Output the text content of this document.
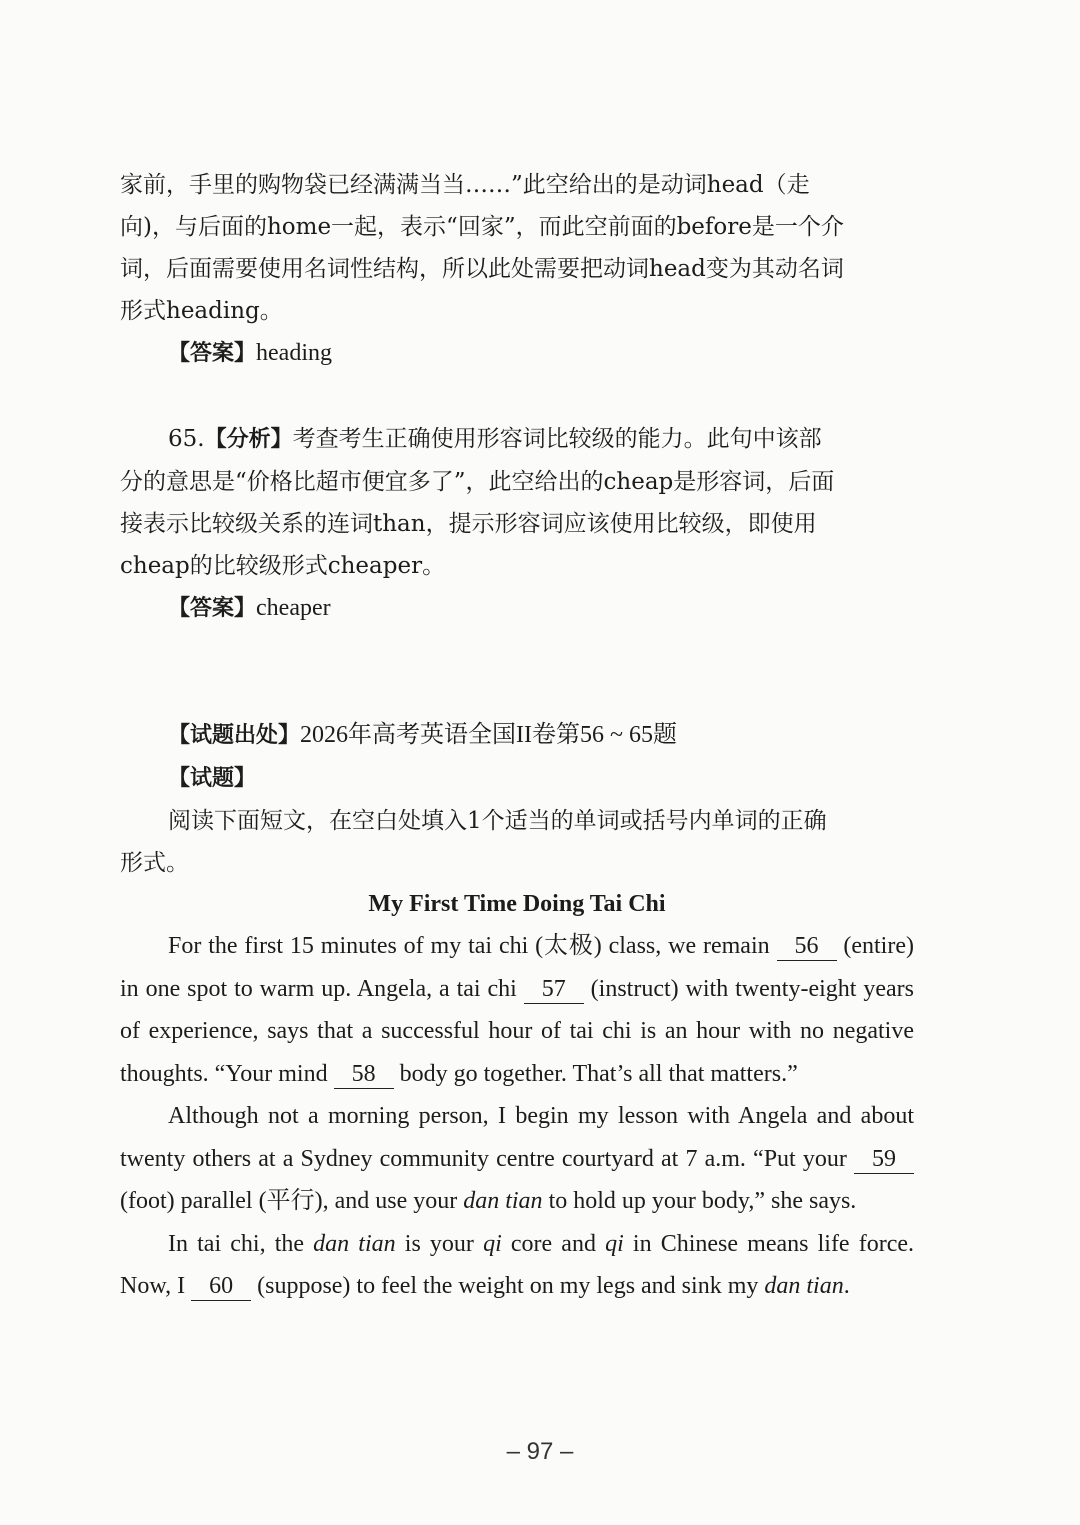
家前，手里的购物袋已经满满当当……”此空给出的是动词head（走

向)，与后面的home一起，表示“回家”，而此空前面的before是一个介

词，后面需要使用名词性结构，所以此处需要把动词head变为其动名词

形式heading。

【答案】heading

65.【分析】考查考生正确使用形容词比较级的能力。此句中该部

分的意思是“价格比超市便宜多了”，此空给出的cheap是形容词，后面

接表示比较级关系的连词than，提示形容词应该使用比较级，即使用

cheap的比较级形式cheaper。

【答案】cheaper

【试题出处】2026年高考英语全国II卷第56 ~ 65题

【试题】

阅读下面短文，在空白处填入1个适当的单词或括号内单词的正确

形式。

My First Time Doing Tai Chi

For the first 15 minutes of my tai chi (太极) class, we remain 56 (entire) in one spot to warm up. Angela, a tai chi 57 (instruct) with twenty-eight years of experience, says that a successful hour of tai chi is an hour with no negative thoughts. “Your mind 58 body go together. That’s all that matters.”

Although not a morning person, I begin my lesson with Angela and about twenty others at a Sydney community centre courtyard at 7 a.m. “Put your 59 (foot) parallel (平行), and use your dan tian to hold up your body,” she says.

In tai chi, the dan tian is your qi core and qi in Chinese means life force. Now, I 60 (suppose) to feel the weight on my legs and sink my dan tian.

– 97 –
